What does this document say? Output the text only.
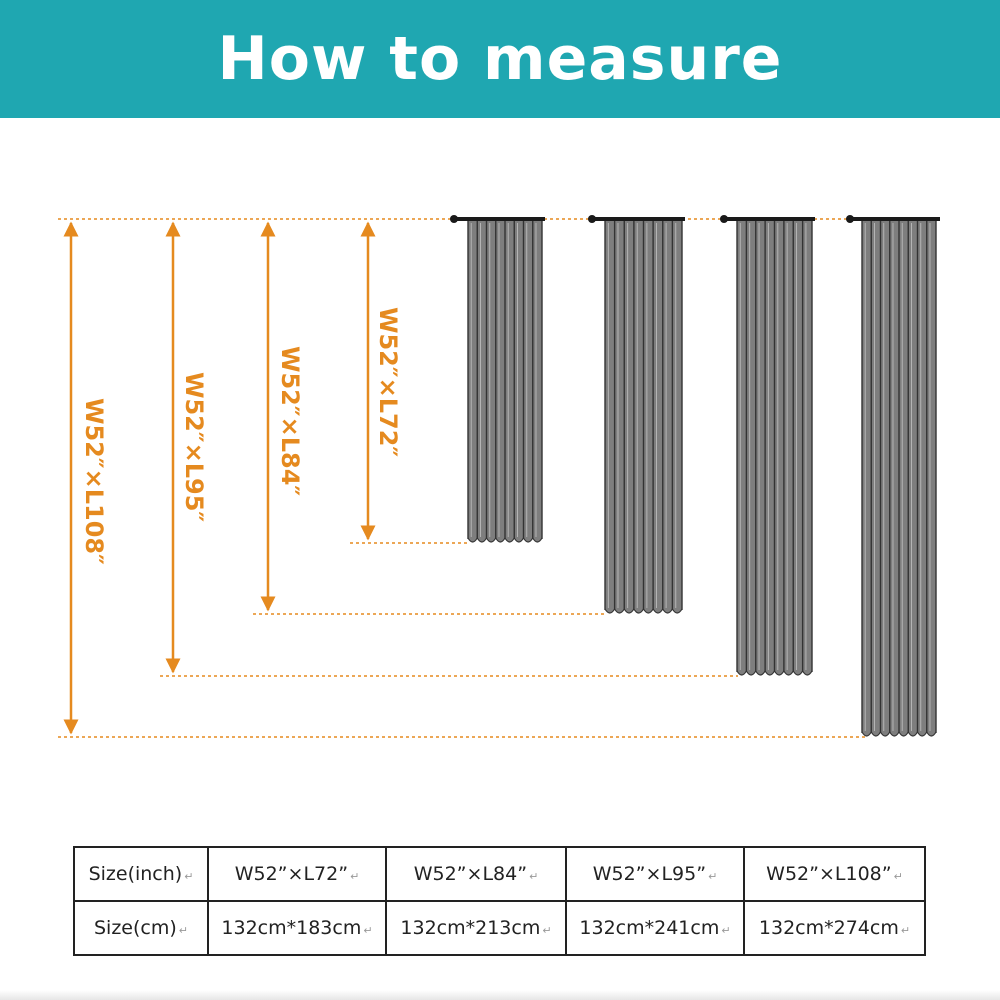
How to measure
W52″×L108″	W52″×L95″	W52″×L84″	W52″×L72″
Size(inch) ↵	W52”×L72” ↵	W52”×L84” ↵	W52”×L95” ↵	W52”×L108” ↵
Size(cm) ↵	132cm*183cm ↵	132cm*213cm ↵	132cm*241cm ↵	132cm*274cm ↵
